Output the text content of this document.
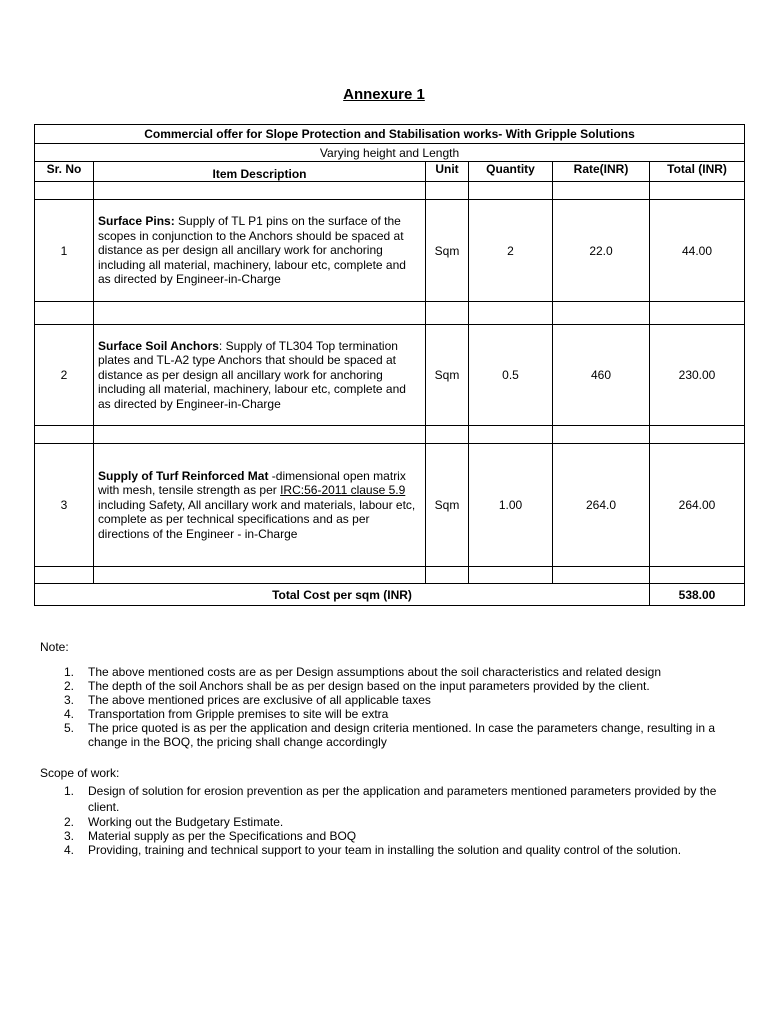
Annexure 1
Commercial offer for Slope Protection and Stabilisation works- With Gripple Solutions					
Varying height and Length					
Sr. No	Item Description	Unit	Quantity	Rate(INR)	Total (INR)

1	Surface Pins: Supply of TL P1 pins on the surface of the scopes in conjunction to the Anchors should be spaced at distance as per design all ancillary work for anchoring including all material, machinery, labour etc, complete and as directed by Engineer-in-Charge	Sqm	2	22.0	44.00

2	Surface Soil Anchors: Supply of TL304 Top termination plates and TL-A2 type Anchors that should be spaced at distance as per design all ancillary work for anchoring including all material, machinery, labour etc, complete and as directed by Engineer-in-Charge	Sqm	0.5	460	230.00

3	Supply of Turf Reinforced Mat -dimensional open matrix with mesh, tensile strength as per IRC:56-2011 clause 5.9 including Safety, All ancillary work and materials, labour etc, complete as per technical specifications and as per directions of the Engineer - in-Charge	Sqm	1.00	264.0	264.00

Total Cost per sqm (INR)					538.00
Note:
1. The above mentioned costs are as per Design assumptions about the soil characteristics and related design
2. The depth of the soil Anchors shall be as per design based on the input parameters provided by the client.
3. The above mentioned prices are exclusive of all applicable taxes
4. Transportation from Gripple premises to site will be extra
5. The price quoted is as per the application and design criteria mentioned. In case the parameters change, resulting in a change in the BOQ, the pricing shall change accordingly
Scope of work:
1. Design of solution for erosion prevention as per the application and parameters mentioned parameters provided by the client.
2. Working out the Budgetary Estimate.
3. Material supply as per the Specifications and BOQ
4. Providing, training and technical support to your team in installing the solution and quality control of the solution.
